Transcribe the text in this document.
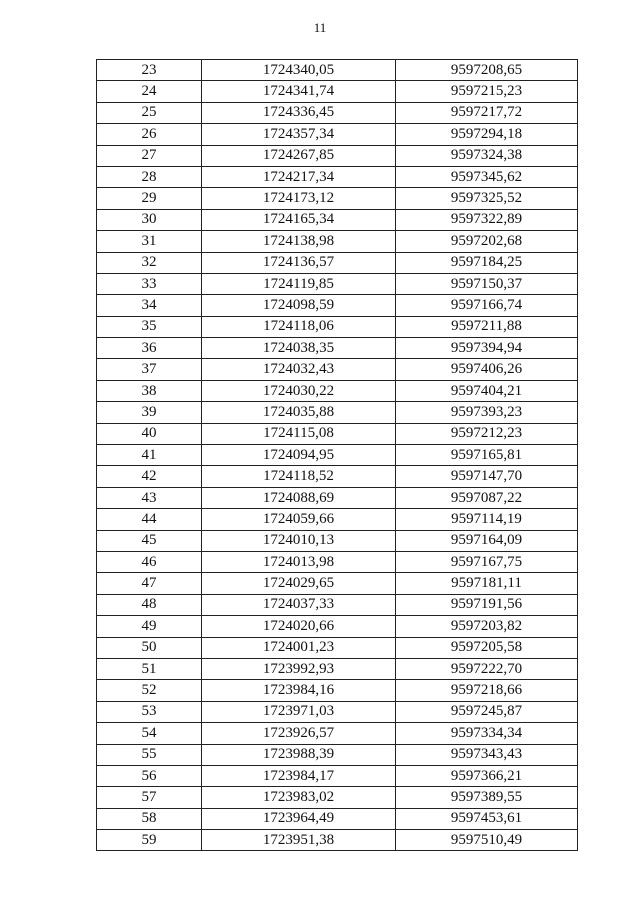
11
23	1724340,05	9597208,65
24	1724341,74	9597215,23
25	1724336,45	9597217,72
26	1724357,34	9597294,18
27	1724267,85	9597324,38
28	1724217,34	9597345,62
29	1724173,12	9597325,52
30	1724165,34	9597322,89
31	1724138,98	9597202,68
32	1724136,57	9597184,25
33	1724119,85	9597150,37
34	1724098,59	9597166,74
35	1724118,06	9597211,88
36	1724038,35	9597394,94
37	1724032,43	9597406,26
38	1724030,22	9597404,21
39	1724035,88	9597393,23
40	1724115,08	9597212,23
41	1724094,95	9597165,81
42	1724118,52	9597147,70
43	1724088,69	9597087,22
44	1724059,66	9597114,19
45	1724010,13	9597164,09
46	1724013,98	9597167,75
47	1724029,65	9597181,11
48	1724037,33	9597191,56
49	1724020,66	9597203,82
50	1724001,23	9597205,58
51	1723992,93	9597222,70
52	1723984,16	9597218,66
53	1723971,03	9597245,87
54	1723926,57	9597334,34
55	1723988,39	9597343,43
56	1723984,17	9597366,21
57	1723983,02	9597389,55
58	1723964,49	9597453,61
59	1723951,38	9597510,49
